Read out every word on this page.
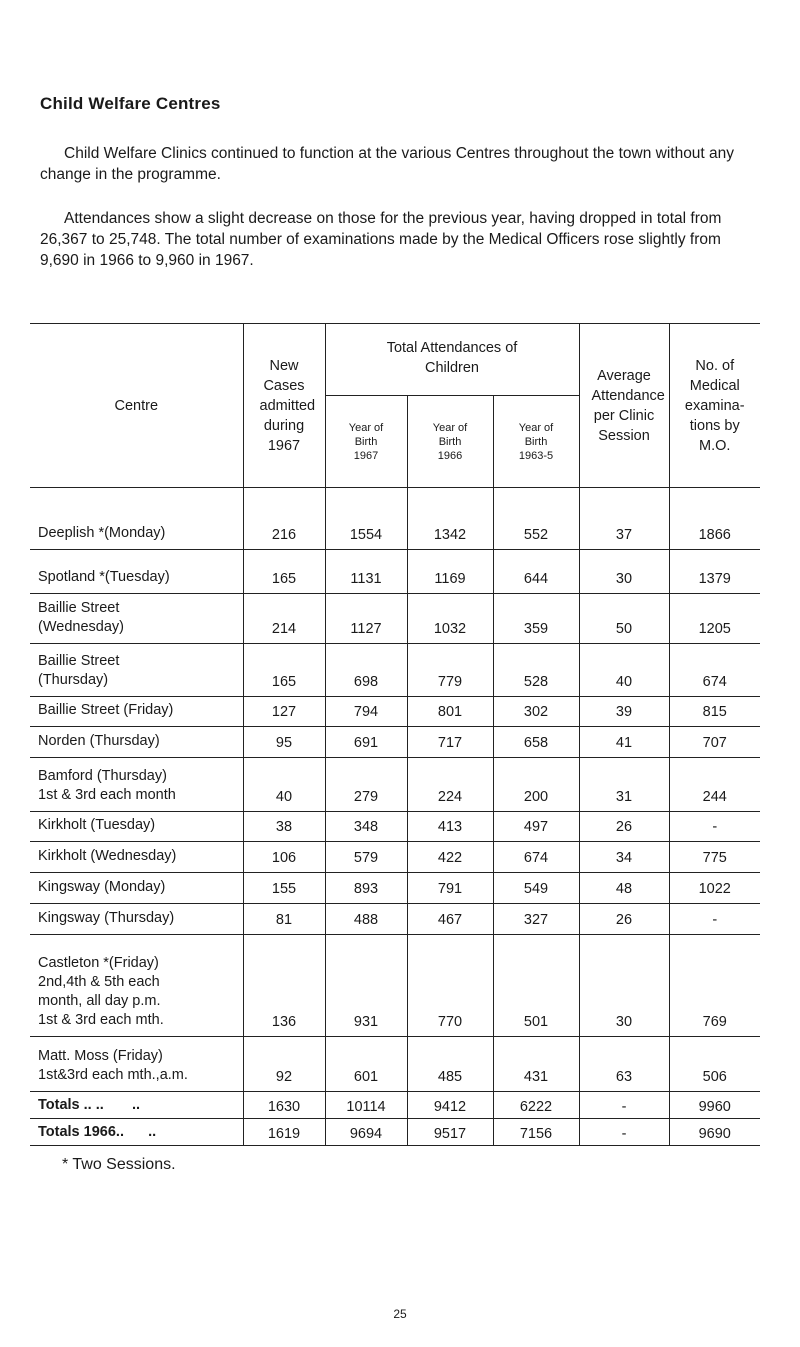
Child Welfare Centres

Child Welfare Clinics continued to function at the various Centres throughout the town without any change in the programme.

Attendances show a slight decrease on those for the previous year, having dropped in total from 26,367 to 25,748. The total number of examinations made by the Medical Officers rose slightly from 9,690 in 1966 to 9,960 in 1967.

Centre	New Cases admitted during 1967	Total Attendances of Children			Average Attendance per Clinic Session	No. of Medical examina-tions by M.O.
		Year of Birth 1967	Year of Birth 1966	Year of Birth 1963-5		

Deeplish *(Monday)	216	1554	1342	552	37	1866

Spotland *(Tuesday)	165	1131	1169	644	30	1379

Baillie Street
(Wednesday)	214	1127	1032	359	50	1205

Baillie Street
(Thursday)	165	698	779	528	40	674

Baillie Street (Friday)	127	794	801	302	39	815

Norden (Thursday)	95	691	717	658	41	707

Bamford (Thursday)
1st & 3rd each month	40	279	224	200	31	244

Kirkholt (Tuesday)	38	348	413	497	26	-

Kirkholt (Wednesday)	106	579	422	674	34	775

Kingsway (Monday)	155	893	791	549	48	1022

Kingsway (Thursday)	81	488	467	327	26	-

Castleton *(Friday)
2nd,4th & 5th each
month, all day p.m.
1st & 3rd each mth.	136	931	770	501	30	769

Matt. Moss (Friday)
1st&3rd each mth.,a.m.	92	601	485	431	63	506
Totals .. ..       ..	1630	10114	9412	6222	-	9960
Totals 1966..      ..	1619	9694	9517	7156	-	9690
* Two Sessions.
25
